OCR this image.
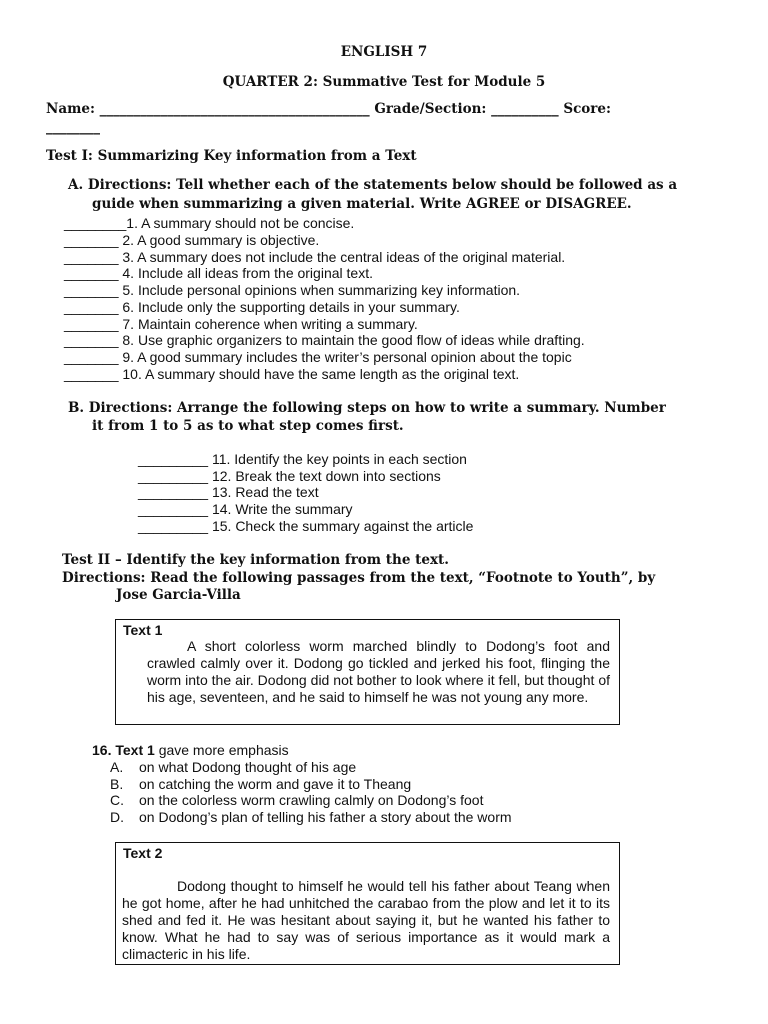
ENGLISH 7
QUARTER 2: Summative Test for Module 5
Name: ________________________________________ Grade/Section: __________ Score:
________
Test I: Summarizing Key information from a Text
A. Directions: Tell whether each of the statements below should be followed as a
guide when summarizing a given material. Write AGREE or DISAGREE.
________1. A summary should not be concise.
_______ 2. A good summary is objective.
_______ 3. A summary does not include the central ideas of the original material.
_______ 4. Include all ideas from the original text.
_______ 5. Include personal opinions when summarizing key information.
_______ 6. Include only the supporting details in your summary.
_______ 7. Maintain coherence when writing a summary.
_______ 8. Use graphic organizers to maintain the good flow of ideas while drafting.
_______ 9. A good summary includes the writer’s personal opinion about the topic
_______ 10. A summary should have the same length as the original text.
B. Directions: Arrange the following steps on how to write a summary. Number
it from 1 to 5 as to what step comes first.
_________ 11. Identify the key points in each section
_________ 12. Break the text down into sections
_________ 13. Read the text
_________ 14. Write the summary
_________ 15. Check the summary against the article
Test II – Identify the key information from the text.
Directions: Read the following passages from the text, “Footnote to Youth”, by
Jose Garcia-Villa
Text 1
A short colorless worm marched blindly to Dodong’s foot and crawled calmly over it. Dodong go tickled and jerked his foot, flinging the worm into the air. Dodong did not bother to look where it fell, but thought of his age, seventeen, and he said to himself he was not young any more.
16. Text 1 gave more emphasis
A. on what Dodong thought of his age
B. on catching the worm and gave it to Theang
C. on the colorless worm crawling calmly on Dodong’s foot
D. on Dodong’s plan of telling his father a story about the worm
Text 2
Dodong thought to himself he would tell his father about Teang when he got home, after he had unhitched the carabao from the plow and let it to its shed and fed it. He was hesitant about saying it, but he wanted his father to know. What he had to say was of serious importance as it would mark a climacteric in his life.
